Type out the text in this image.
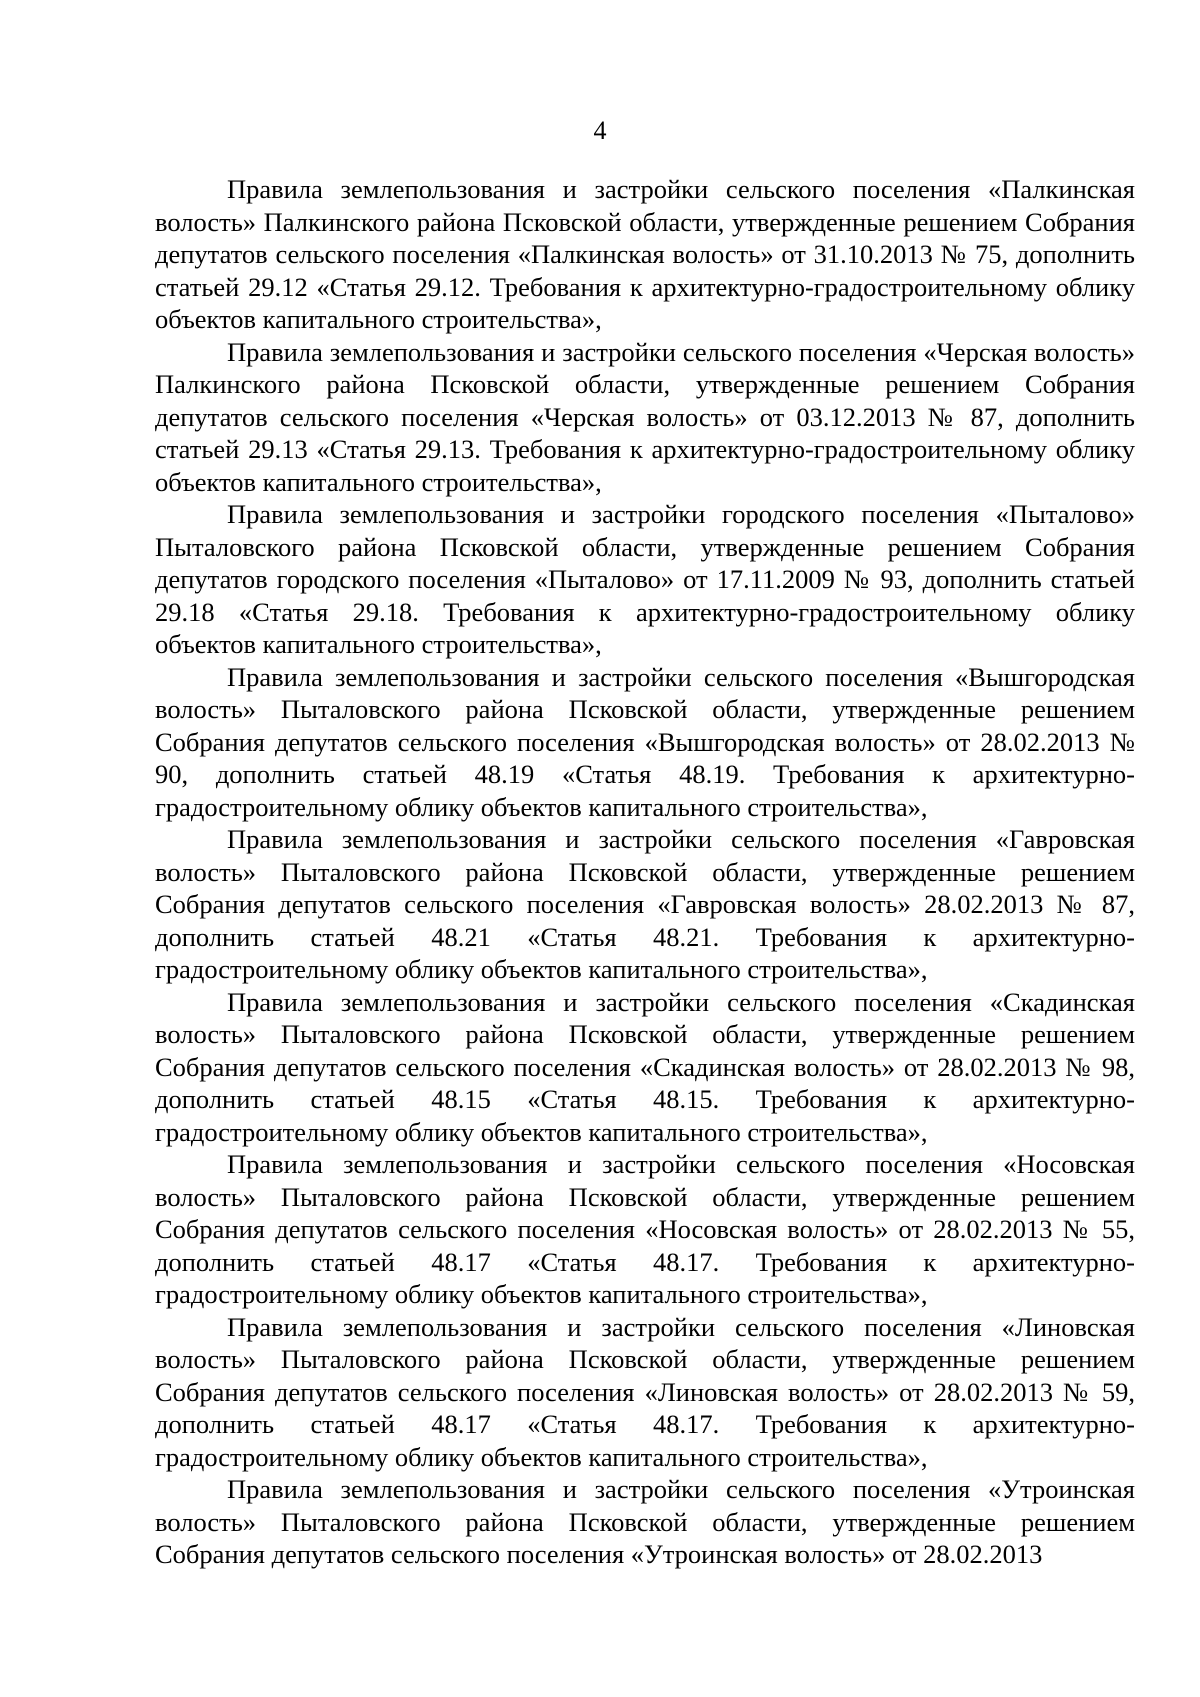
4

Правила землепользования и застройки сельского поселения «Палкинская волость» Палкинского района Псковской области, утвержденные решением Собрания депутатов сельского поселения «Палкинская волость» от 31.10.2013 № 75, дополнить статьей 29.12 «Статья 29.12. Требования к архитектурно-градостроительному облику объектов капитального строительства»,

Правила землепользования и застройки сельского поселения «Черская волость» Палкинского района Псковской области, утвержденные решением Собрания депутатов сельского поселения «Черская волость» от 03.12.2013 № 87, дополнить статьей 29.13 «Статья 29.13. Требования к архитектурно-градостроительному облику объектов капитального строительства»,

Правила землепользования и застройки городского поселения «Пыталово» Пыталовского района Псковской области, утвержденные решением Собрания депутатов городского поселения «Пыталово» от 17.11.2009 № 93, дополнить статьей 29.18 «Статья 29.18. Требования к архитектурно-градостроительному облику объектов капитального строительства»,

Правила землепользования и застройки сельского поселения «Вышгородская волость» Пыталовского района Псковской области, утвержденные решением Собрания депутатов сельского поселения «Вышгородская волость» от 28.02.2013 № 90, дополнить статьей 48.19 «Статья 48.19. Требования к архитектурно-градостроительному облику объектов капитального строительства»,

Правила землепользования и застройки сельского поселения «Гавровская волость» Пыталовского района Псковской области, утвержденные решением Собрания депутатов сельского поселения «Гавровская волость» 28.02.2013 № 87, дополнить статьей 48.21 «Статья 48.21. Требования к архитектурно-градостроительному облику объектов капитального строительства»,

Правила землепользования и застройки сельского поселения «Скадинская волость» Пыталовского района Псковской области, утвержденные решением Собрания депутатов сельского поселения «Скадинская волость» от 28.02.2013 № 98, дополнить статьей 48.15 «Статья 48.15. Требования к архитектурно-градостроительному облику объектов капитального строительства»,

Правила землепользования и застройки сельского поселения «Носовская волость» Пыталовского района Псковской области, утвержденные решением Собрания депутатов сельского поселения «Носовская волость» от 28.02.2013 № 55, дополнить статьей 48.17 «Статья 48.17. Требования к архитектурно-градостроительному облику объектов капитального строительства»,

Правила землепользования и застройки сельского поселения «Линовская волость» Пыталовского района Псковской области, утвержденные решением Собрания депутатов сельского поселения «Линовская волость» от 28.02.2013 № 59, дополнить статьей 48.17 «Статья 48.17. Требования к архитектурно-градостроительному облику объектов капитального строительства»,

Правила землепользования и застройки сельского поселения «Утроинская волость» Пыталовского района Псковской области, утвержденные решением Собрания депутатов сельского поселения «Утроинская волость» от 28.02.2013
